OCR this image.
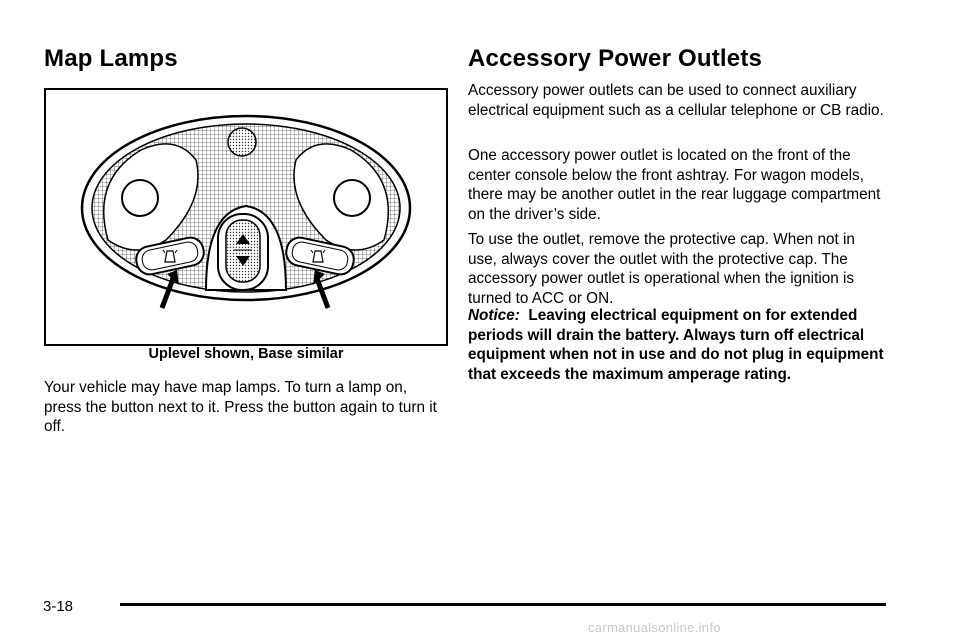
Map Lamps	Accessory Power Outlets

Uplevel shown, Base similar

Your vehicle may have map lamps. To turn a lamp on, press the button next to it. Press the button again to turn it off.

Accessory power outlets can be used to connect auxiliary electrical equipment such as a cellular telephone or CB radio.

One accessory power outlet is located on the front of the center console below the front ashtray. For wagon models, there may be another outlet in the rear luggage compartment on the driver’s side.

To use the outlet, remove the protective cap. When not in use, always cover the outlet with the protective cap. The accessory power outlet is operational when the ignition is turned to ACC or ON.

Notice: Leaving electrical equipment on for extended periods will drain the battery. Always turn off electrical equipment when not in use and do not plug in equipment that exceeds the maximum amperage rating.

3-18

carmanualsonline.info
